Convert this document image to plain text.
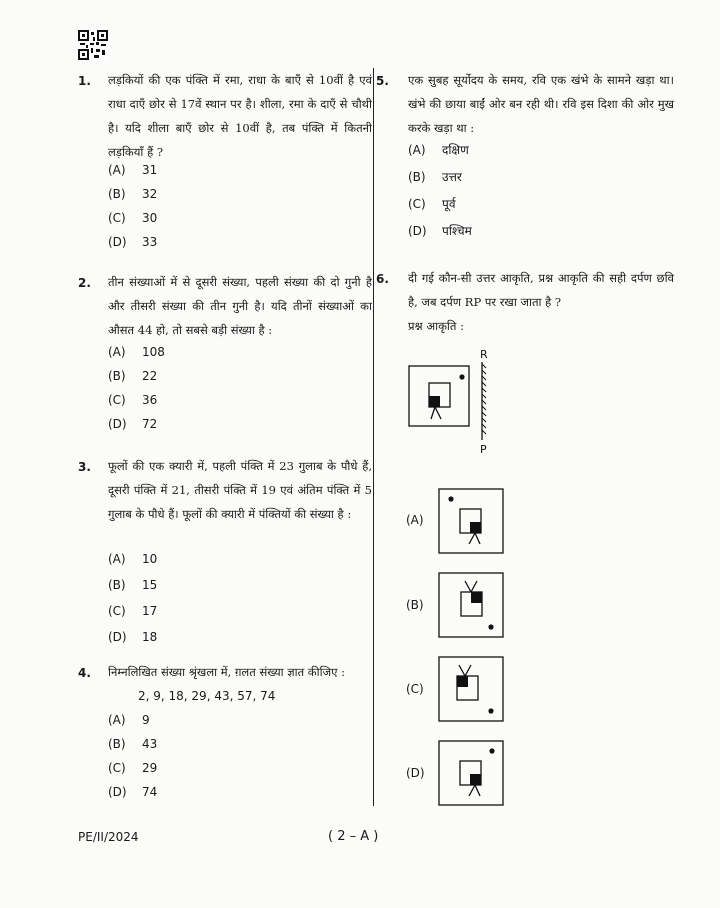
1. लड़कियों की एक पंक्ति में रमा, राधा के बाएँ से 10वीं है एवं राधा दाएँ छोर से 17वें स्थान पर है। शीला, रमा के दाएँ से चौथी है। यदि शीला बाएँ छोर से 10वीं है, तब पंक्ति में कितनी लड़कियाँ हैं ?
(A) 31
(B) 32
(C) 30
(D) 33
2. तीन संख्याओं में से दूसरी संख्या, पहली संख्या की दो गुनी है और तीसरी संख्या की तीन गुनी है। यदि तीनों संख्याओं का औसत 44 हो, तो सबसे बड़ी संख्या है :
(A) 108
(B) 22
(C) 36
(D) 72
3. फूलों की एक क्यारी में, पहली पंक्ति में 23 गुलाब के पौधे हैं, दूसरी पंक्ति में 21, तीसरी पंक्ति में 19 एवं अंतिम पंक्ति में 5 गुलाब के पौधे हैं। फूलों की क्यारी में पंक्तियों की संख्या है :
(A) 10
(B) 15
(C) 17
(D) 18
4. निम्नलिखित संख्या श्रृंखला में, ग़लत संख्या ज्ञात कीजिए :
2, 9, 18, 29, 43, 57, 74
(A) 9
(B) 43
(C) 29
(D) 74
5. एक सुबह सूर्योदय के समय, रवि एक खंभे के सामने खड़ा था। खंभे की छाया बाईं ओर बन रही थी। रवि इस दिशा की ओर मुख करके खड़ा था :
(A) दक्षिण
(B) उत्तर
(C) पूर्व
(D) पश्चिम
6. दी गई कौन-सी उत्तर आकृति, प्रश्न आकृति की सही दर्पण छवि है, जब दर्पण RP पर रखा जाता है ?
प्रश्न आकृति :
R
P
(A)
(B)
(C)
(D)
PE/II/2024	( 2 – A )
